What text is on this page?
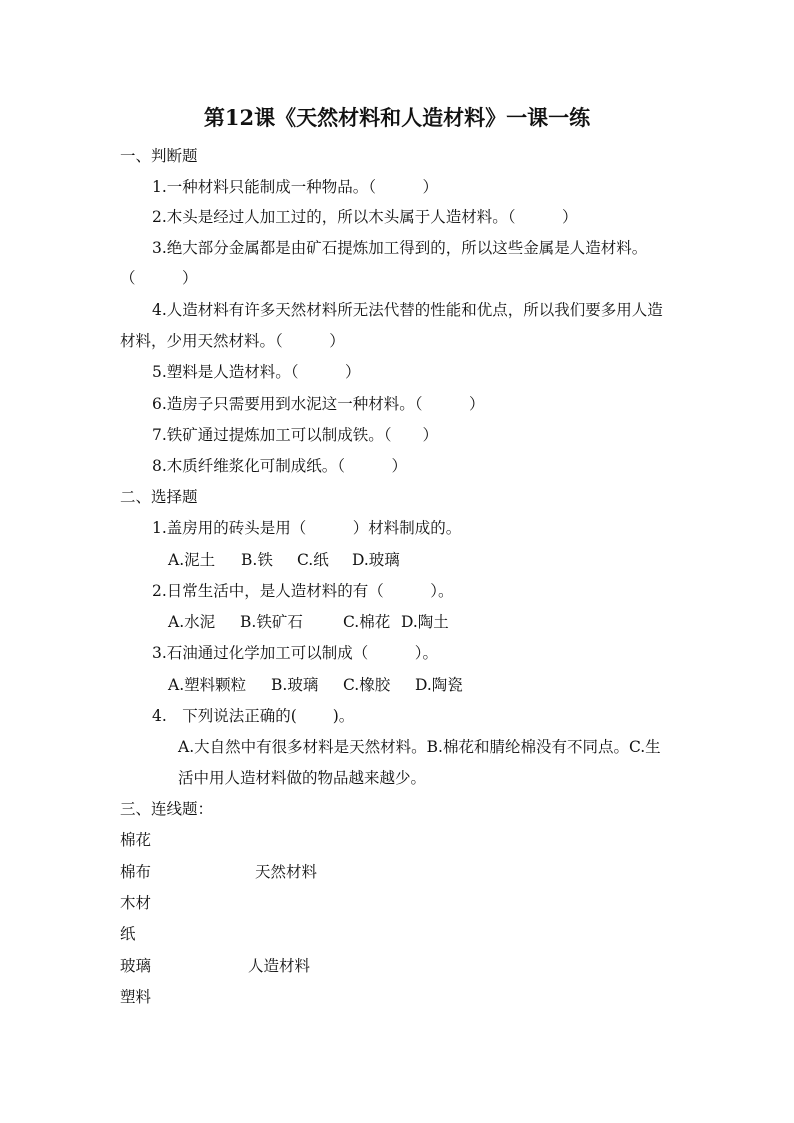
第12课《天然材料和人造材料》一课一练
一、判断题
1.一种材料只能制成一种物品。（　　　）
2.木头是经过人加工过的，所以木头属于人造材料。（　　　）
3.绝大部分金属都是由矿石提炼加工得到的，所以这些金属是人造材料。
（　　　）
4.人造材料有许多天然材料所无法代替的性能和优点，所以我们要多用人造
材料，少用天然材料。（　　　）
5.塑料是人造材料。（　　　）
6.造房子只需要用到水泥这一种材料。（　　　）
7.铁矿通过提炼加工可以制成铁。（　　）
8.木质纤维浆化可制成纸。（　　　）
二、选择题
1.盖房用的砖头是用（　　　）材料制成的。
A.泥土 B.铁 C.纸 D.玻璃
2.日常生活中，是人造材料的有（　　　）。
A.水泥 B.铁矿石	C.棉花 D.陶土
3.石油通过化学加工可以制成（　　　）。
A.塑料颗粒 B.玻璃 C.橡胶 D.陶瓷
4.　下列说法正确的(　　 )。
A.大自然中有很多材料是天然材料。B.棉花和腈纶棉没有不同点。C.生
活中用人造材料做的物品越来越少。
三、连线题：
棉花
棉布	天然材料
木材
纸
玻璃	人造材料
塑料
